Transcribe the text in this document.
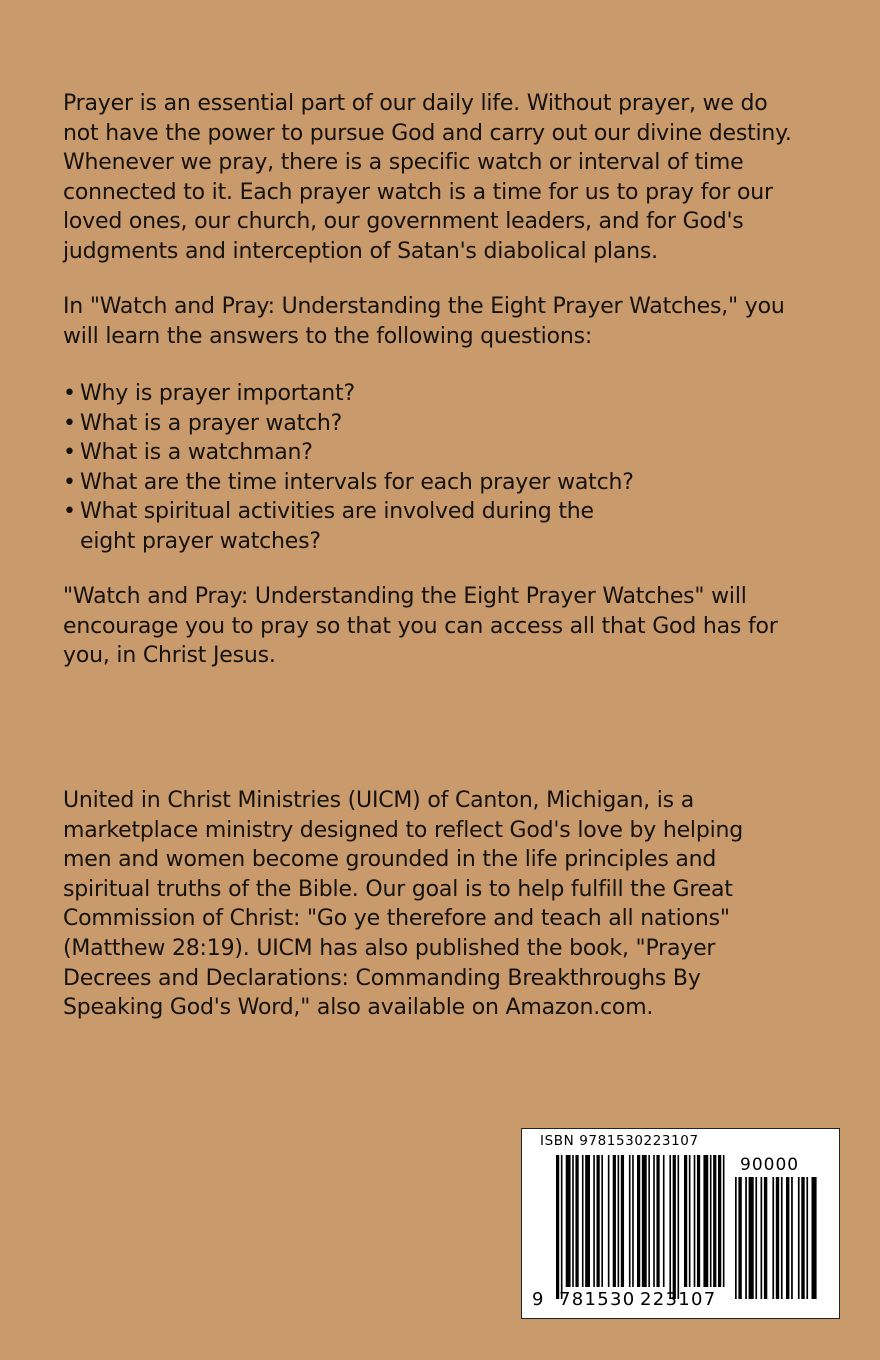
Prayer is an essential part of our daily life. Without prayer, we do
not have the power to pursue God and carry out our divine destiny.
Whenever we pray, there is a specific watch or interval of time
connected to it. Each prayer watch is a time for us to pray for our
loved ones, our church, our government leaders, and for God's
judgments and interception of Satan's diabolical plans.

In "Watch and Pray: Understanding the Eight Prayer Watches," you
will learn the answers to the following questions:

• Why is prayer important?
• What is a prayer watch?
• What is a watchman?
• What are the time intervals for each prayer watch?
• What spiritual activities are involved during the
eight prayer watches?

"Watch and Pray: Understanding the Eight Prayer Watches" will
encourage you to pray so that you can access all that God has for
you, in Christ Jesus.

United in Christ Ministries (UICM) of Canton, Michigan, is a
marketplace ministry designed to reflect God's love by helping
men and women become grounded in the life principles and
spiritual truths of the Bible. Our goal is to help fulfill the Great
Commission of Christ: "Go ye therefore and teach all nations"
(Matthew 28:19). UICM has also published the book, "Prayer
Decrees and Declarations: Commanding Breakthroughs By
Speaking God's Word," also available on Amazon.com.

ISBN 9781530223107
90000
9 781530 223107
